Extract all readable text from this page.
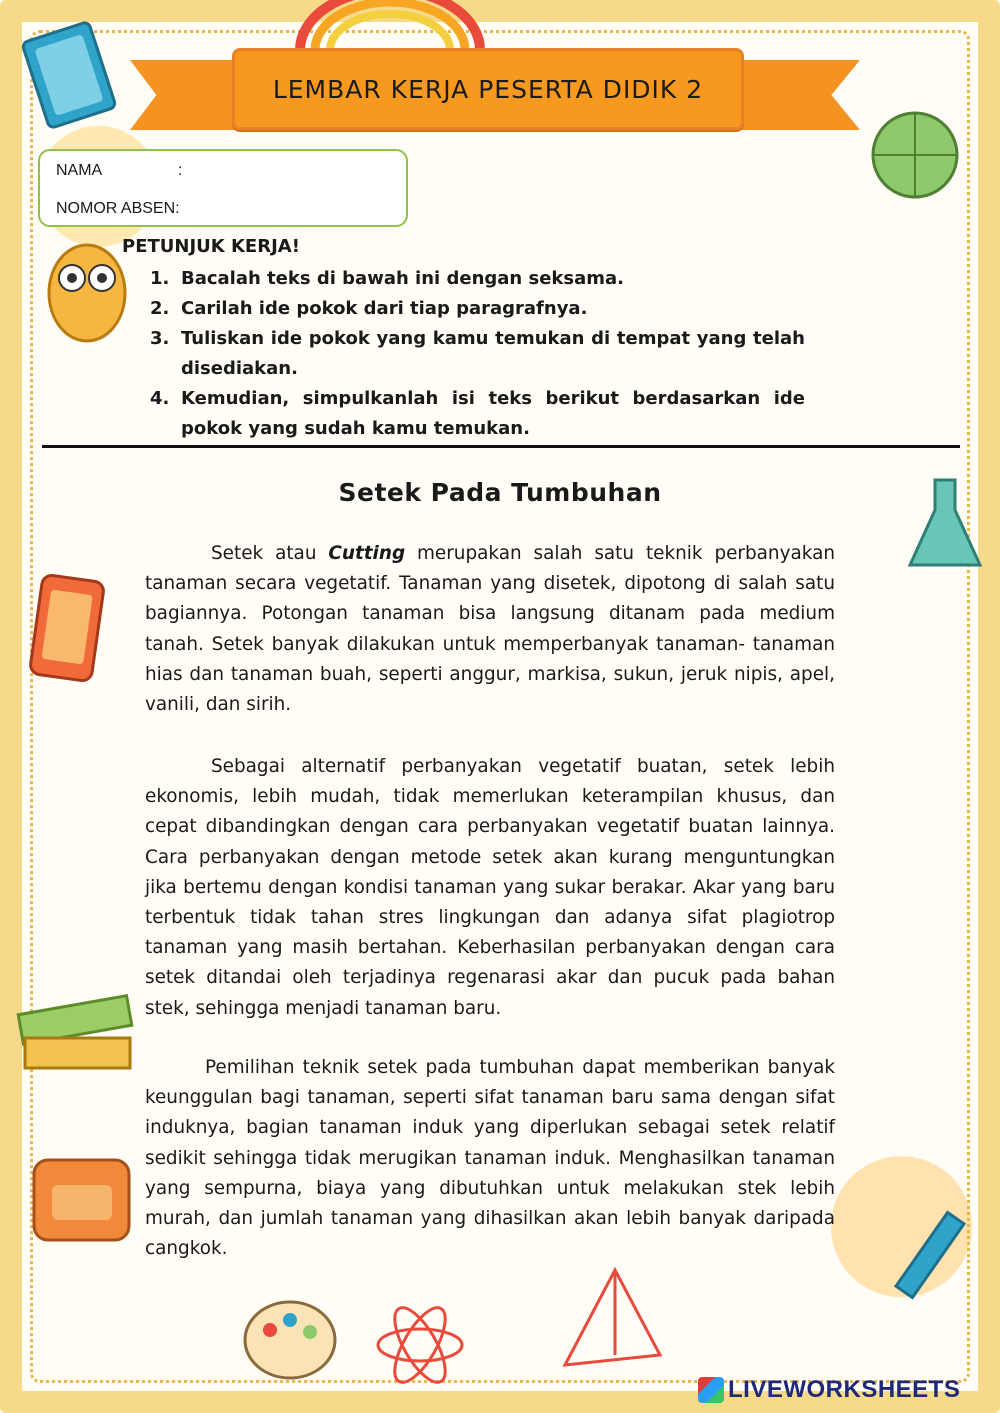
LEMBAR KERJA PESERTA DIDIK 2
NAMA	:
NOMOR ABSEN:
PETUNJUK KERJA!
1. Bacalah teks di bawah ini dengan seksama.
2. Carilah ide pokok dari tiap paragrafnya.
3. Tuliskan ide pokok yang kamu temukan di tempat yang telah disediakan.
4. Kemudian, simpulkanlah isi teks berikut berdasarkan ide pokok yang sudah kamu temukan.
Setek Pada Tumbuhan

Setek atau Cutting merupakan salah satu teknik perbanyakan tanaman secara vegetatif. Tanaman yang disetek, dipotong di salah satu bagiannya. Potongan tanaman bisa langsung ditanam pada medium tanah. Setek banyak dilakukan untuk memperbanyak tanaman- tanaman hias dan tanaman buah, seperti anggur, markisa, sukun, jeruk nipis, apel, vanili, dan sirih.

Sebagai alternatif perbanyakan vegetatif buatan, setek lebih ekonomis, lebih mudah, tidak memerlukan keterampilan khusus, dan cepat dibandingkan dengan cara perbanyakan vegetatif buatan lainnya. Cara perbanyakan dengan metode setek akan kurang menguntungkan jika bertemu dengan kondisi tanaman yang sukar berakar. Akar yang baru terbentuk tidak tahan stres lingkungan dan adanya sifat plagiotrop tanaman yang masih bertahan. Keberhasilan perbanyakan dengan cara setek ditandai oleh terjadinya regenarasi akar dan pucuk pada bahan stek, sehingga menjadi tanaman baru.

Pemilihan teknik setek pada tumbuhan dapat memberikan banyak keunggulan bagi tanaman, seperti sifat tanaman baru sama dengan sifat induknya, bagian tanaman induk yang diperlukan sebagai setek relatif sedikit sehingga tidak merugikan tanaman induk. Menghasilkan tanaman yang sempurna, biaya yang dibutuhkan untuk melakukan stek lebih murah, dan jumlah tanaman yang dihasilkan akan lebih banyak daripada cangkok.

LIVEWORKSHEETS
